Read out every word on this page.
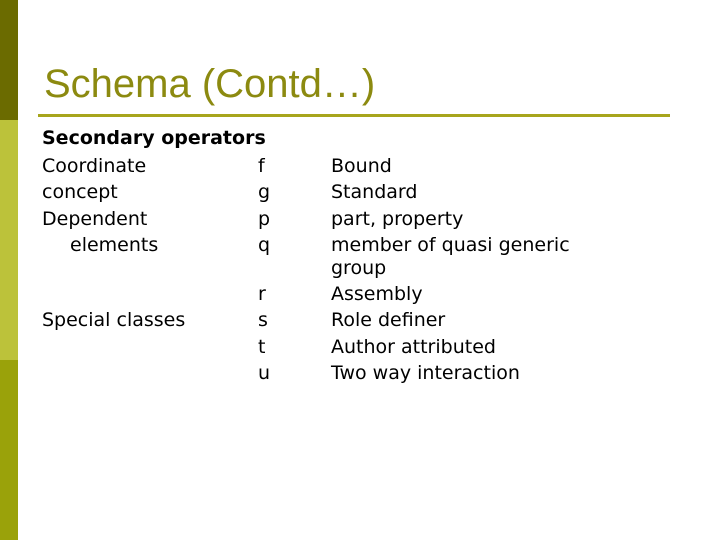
Schema (Contd…)
Secondary operators
Coordinate
concept
Dependent
elements
Special classes
f
g
p
q
r
s
t
u
Bound
Standard
part, property
member of quasi generic
group
Assembly
Role definer
Author attributed
Two way interaction
